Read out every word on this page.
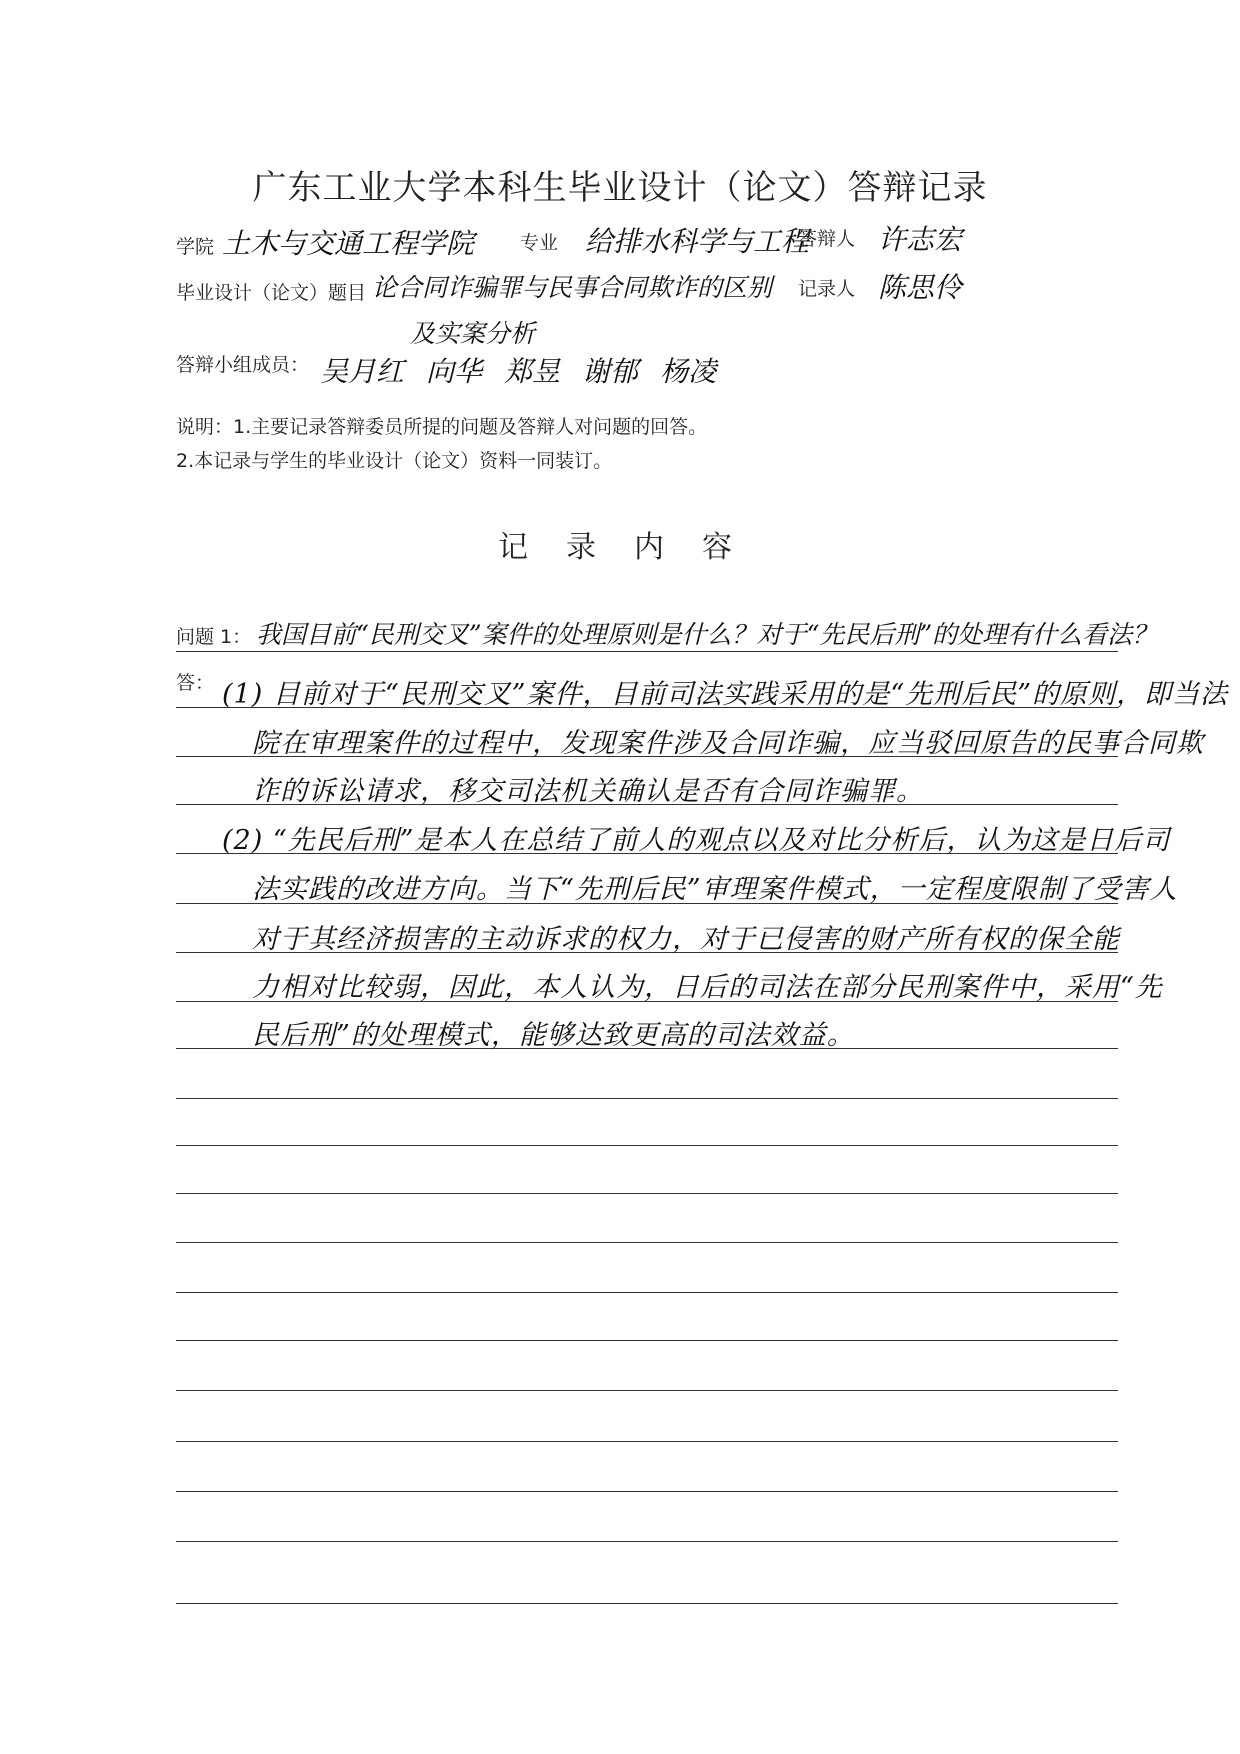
广东工业大学本科生毕业设计（论文）答辩记录
学院 土木与交通工程学院 专业 给排水科学与工程
答辩人 许志宏
毕业设计（论文）题目 论合同诈骗罪与民事合同欺诈的区别
及实案分析
记录人 陈思伶
答辩小组成员： 吴月红 向华 郑昱 谢郁 杨凌
说明：1.主要记录答辩委员所提的问题及答辩人对问题的回答。
2.本记录与学生的毕业设计（论文）资料一同装订。
记录内容
问题 1： 我国目前“民刑交叉”案件的处理原则是什么？对于“先民后刑”的处理有什么看法？
答： (1) 目前对于“民刑交叉”案件，目前司法实践采用的是“先刑后民”的原则，即当法
院在审理案件的过程中，发现案件涉及合同诈骗，应当驳回原告的民事合同欺
诈的诉讼请求，移交司法机关确认是否有合同诈骗罪。
(2) “先民后刑”是本人在总结了前人的观点以及对比分析后，认为这是日后司
法实践的改进方向。当下“先刑后民”审理案件模式，一定程度限制了受害人
对于其经济损害的主动诉求的权力，对于已侵害的财产所有权的保全能
力相对比较弱，因此，本人认为，日后的司法在部分民刑案件中，采用“先
民后刑”的处理模式，能够达致更高的司法效益。
